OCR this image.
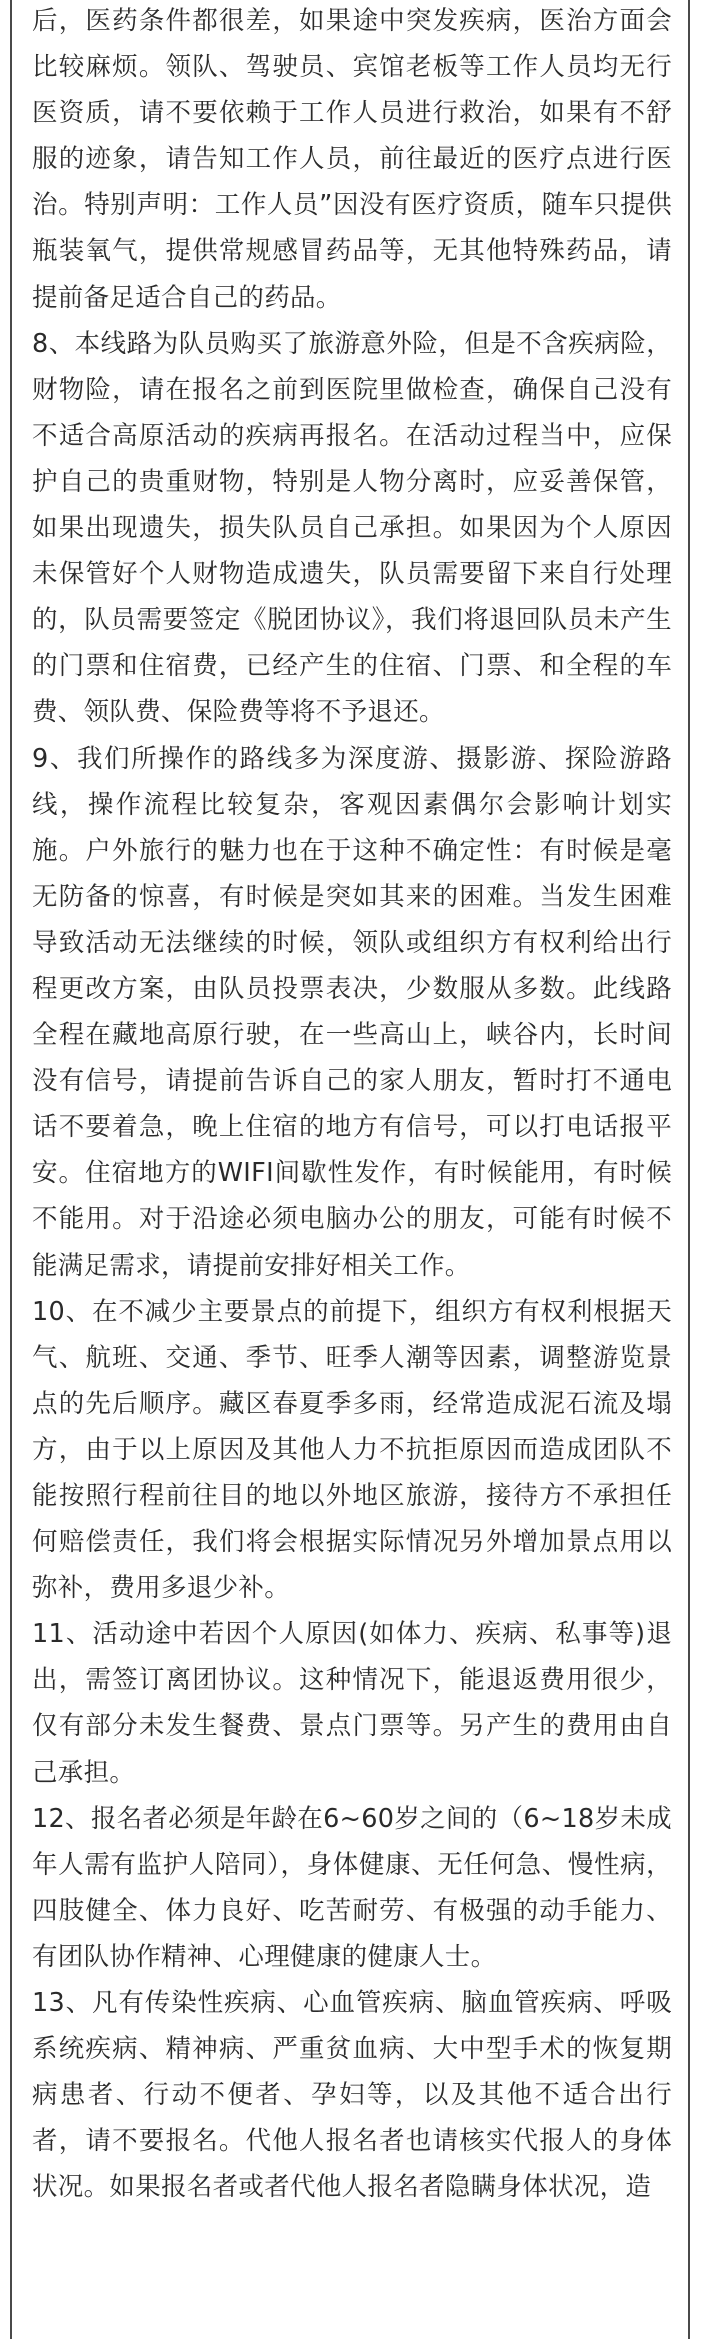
后，医药条件都很差，如果途中突发疾病，医治方面会比较麻烦。领队、驾驶员、宾馆老板等工作人员均无行医资质，请不要依赖于工作人员进行救治，如果有不舒服的迹象，请告知工作人员，前往最近的医疗点进行医治。特别声明：工作人员”因没有医疗资质，随车只提供瓶装氧气，提供常规感冒药品等，无其他特殊药品，请提前备足适合自己的药品。

8、本线路为队员购买了旅游意外险，但是不含疾病险，财物险，请在报名之前到医院里做检查，确保自己没有不适合高原活动的疾病再报名。在活动过程当中，应保护自己的贵重财物，特别是人物分离时，应妥善保管，如果出现遗失，损失队员自己承担。如果因为个人原因未保管好个人财物造成遗失，队员需要留下来自行处理的，队员需要签定《脱团协议》，我们将退回队员未产生的门票和住宿费，已经产生的住宿、门票、和全程的车费、领队费、保险费等将不予退还。

9、我们所操作的路线多为深度游、摄影游、探险游路线，操作流程比较复杂，客观因素偶尔会影响计划实施。户外旅行的魅力也在于这种不确定性：有时候是毫无防备的惊喜，有时候是突如其来的困难。当发生困难导致活动无法继续的时候，领队或组织方有权利给出行程更改方案，由队员投票表决，少数服从多数。此线路全程在藏地高原行驶，在一些高山上，峡谷内，长时间没有信号，请提前告诉自己的家人朋友，暂时打不通电话不要着急，晚上住宿的地方有信号，可以打电话报平安。住宿地方的WIFI间歇性发作，有时候能用，有时候不能用。对于沿途必须电脑办公的朋友，可能有时候不能满足需求，请提前安排好相关工作。

10、在不减少主要景点的前提下，组织方有权利根据天气、航班、交通、季节、旺季人潮等因素，调整游览景点的先后顺序。藏区春夏季多雨，经常造成泥石流及塌方，由于以上原因及其他人力不抗拒原因而造成团队不能按照行程前往目的地以外地区旅游，接待方不承担任何赔偿责任，我们将会根据实际情况另外增加景点用以弥补，费用多退少补。

11、活动途中若因个人原因(如体力、疾病、私事等)退出，需签订离团协议。这种情况下，能退返费用很少，仅有部分未发生餐费、景点门票等。另产生的费用由自己承担。

12、报名者必须是年龄在6~60岁之间的（6~18岁未成年人需有监护人陪同），身体健康、无任何急、慢性病，四肢健全、体力良好、吃苦耐劳、有极强的动手能力、有团队协作精神、心理健康的健康人士。

13、凡有传染性疾病、心血管疾病、脑血管疾病、呼吸系统疾病、精神病、严重贫血病、大中型手术的恢复期病患者、行动不便者、孕妇等，以及其他不适合出行者，请不要报名。代他人报名者也请核实代报人的身体状况。如果报名者或者代他人报名者隐瞒身体状况，造
